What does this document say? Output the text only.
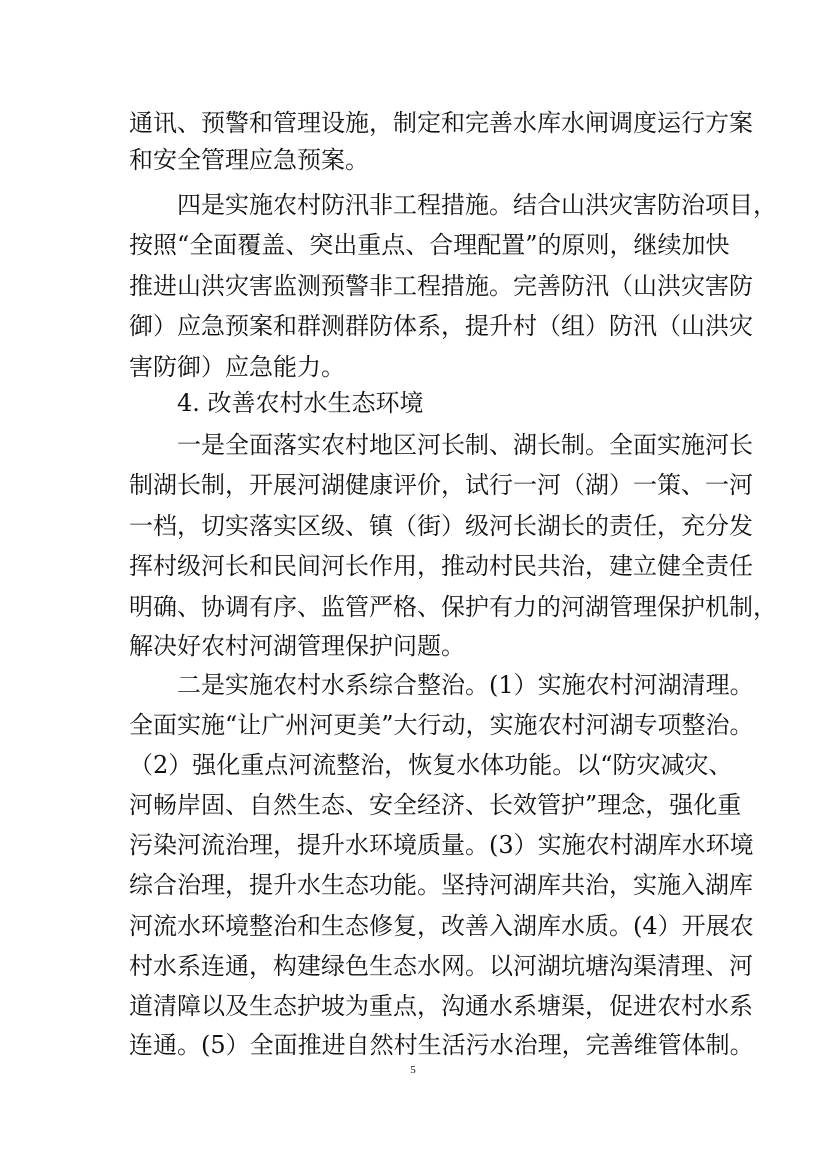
通讯、预警和管理设施，制定和完善水库水闸调度运行方案
和安全管理应急预案。
四是实施农村防汛非工程措施。结合山洪灾害防治项目，
按照“全面覆盖、突出重点、合理配置”的原则，继续加快
推进山洪灾害监测预警非工程措施。完善防汛（山洪灾害防
御）应急预案和群测群防体系，提升村（组）防汛（山洪灾
害防御）应急能力。
4. 改善农村水生态环境
一是全面落实农村地区河长制、湖长制。全面实施河长
制湖长制，开展河湖健康评价，试行一河（湖）一策、一河
一档，切实落实区级、镇（街）级河长湖长的责任，充分发
挥村级河长和民间河长作用，推动村民共治，建立健全责任
明确、协调有序、监管严格、保护有力的河湖管理保护机制，
解决好农村河湖管理保护问题。
二是实施农村水系综合整治。(1）实施农村河湖清理。
全面实施“让广州河更美”大行动，实施农村河湖专项整治。
（2）强化重点河流整治，恢复水体功能。以“防灾减灾、
河畅岸固、自然生态、安全经济、长效管护”理念，强化重
污染河流治理，提升水环境质量。(3）实施农村湖库水环境
综合治理，提升水生态功能。坚持河湖库共治，实施入湖库
河流水环境整治和生态修复，改善入湖库水质。(4）开展农
村水系连通，构建绿色生态水网。以河湖坑塘沟渠清理、河
道清障以及生态护坡为重点，沟通水系塘渠，促进农村水系
连通。(5）全面推进自然村生活污水治理，完善维管体制。
5
